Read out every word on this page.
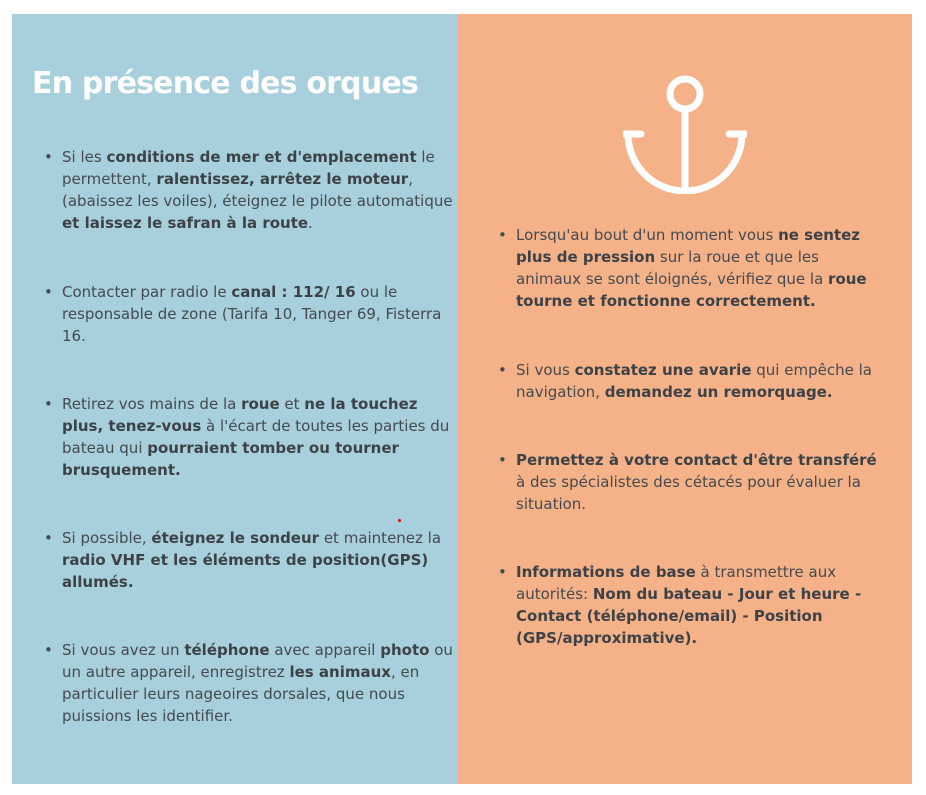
En présence des orques
• Si les conditions de mer et d'emplacement le permettent, ralentissez, arrêtez le moteur, (abaissez les voiles), éteignez le pilote automatique et laissez le safran à la route.
• Contacter par radio le canal : 112/ 16 ou le responsable de zone (Tarifa 10, Tanger 69, Fisterra 16.
• Retirez vos mains de la roue et ne la touchez plus, tenez-vous à l'écart de toutes les parties du bateau qui pourraient tomber ou tourner brusquement.
• Si possible, éteignez le sondeur et maintenez la radio VHF et les éléments de position(GPS) allumés.
• Si vous avez un téléphone avec appareil photo ou un autre appareil, enregistrez les animaux, en particulier leurs nageoires dorsales, que nous puissions les identifier.
• Lorsqu'au bout d'un moment vous ne sentez plus de pression sur la roue et que les animaux se sont éloignés, vérifiez que la roue tourne et fonctionne correctement.
• Si vous constatez une avarie qui empêche la navigation, demandez un remorquage.
• Permettez à votre contact d'être transféré à des spécialistes des cétacés pour évaluer la situation.
• Informations de base à transmettre aux autorités: Nom du bateau - Jour et heure - Contact (téléphone/email) - Position (GPS/approximative).
